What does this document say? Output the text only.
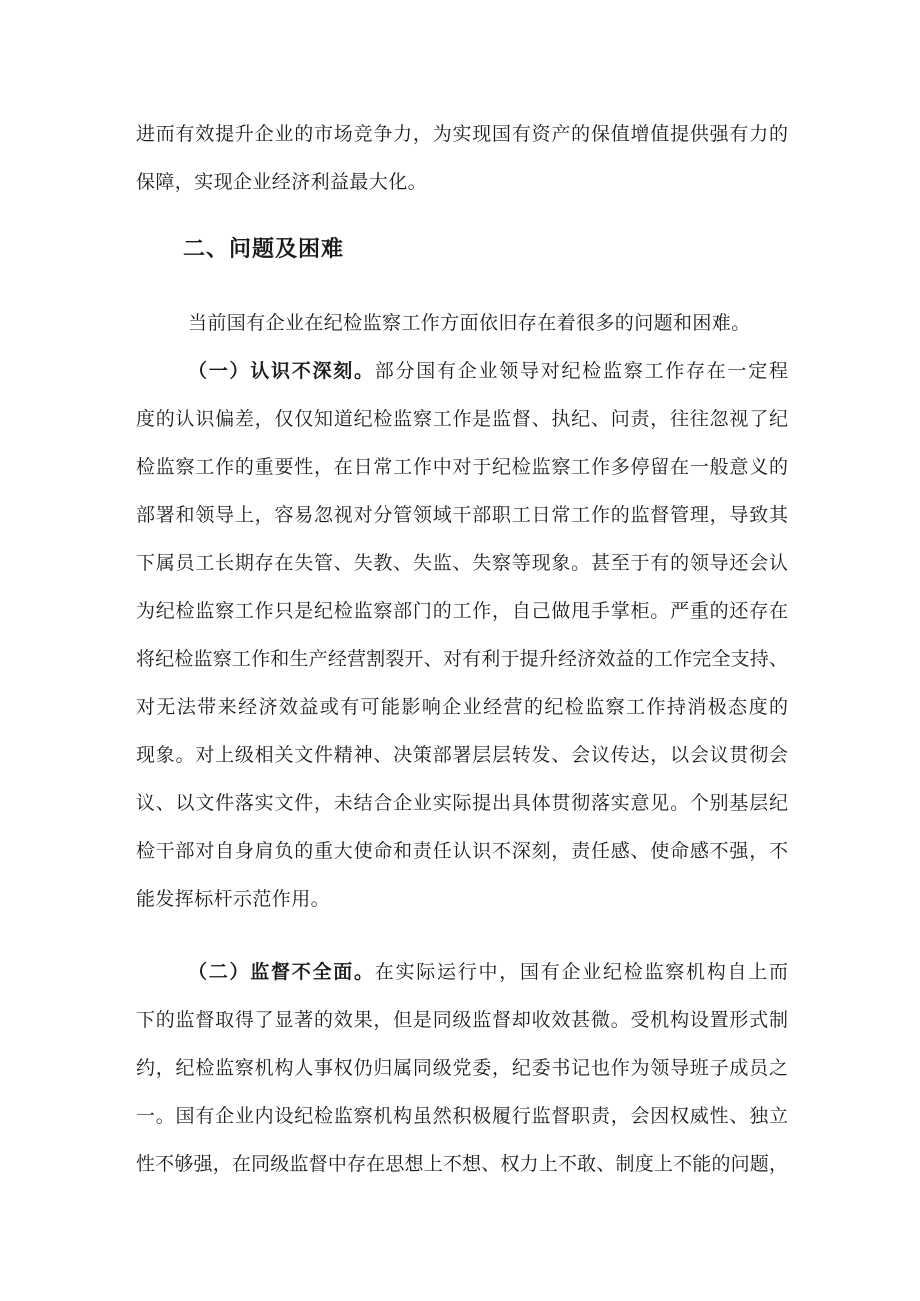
进而有效提升企业的市场竞争力，为实现国有资产的保值增值提供强有力的
保障，实现企业经济利益最大化。
二、问题及困难
当前国有企业在纪检监察工作方面依旧存在着很多的问题和困难。
（一）认识不深刻。部分国有企业领导对纪检监察工作存在一定程
度的认识偏差，仅仅知道纪检监察工作是监督、执纪、问责，往往忽视了纪
检监察工作的重要性，在日常工作中对于纪检监察工作多停留在一般意义的
部署和领导上，容易忽视对分管领域干部职工日常工作的监督管理，导致其
下属员工长期存在失管、失教、失监、失察等现象。甚至于有的领导还会认
为纪检监察工作只是纪检监察部门的工作，自己做甩手掌柜。严重的还存在
将纪检监察工作和生产经营割裂开、对有利于提升经济效益的工作完全支持、
对无法带来经济效益或有可能影响企业经营的纪检监察工作持消极态度的
现象。对上级相关文件精神、决策部署层层转发、会议传达，以会议贯彻会
议、以文件落实文件，未结合企业实际提出具体贯彻落实意见。个别基层纪
检干部对自身肩负的重大使命和责任认识不深刻，责任感、使命感不强，不
能发挥标杆示范作用。
（二）监督不全面。在实际运行中，国有企业纪检监察机构自上而
下的监督取得了显著的效果，但是同级监督却收效甚微。受机构设置形式制
约，纪检监察机构人事权仍归属同级党委，纪委书记也作为领导班子成员之
一。国有企业内设纪检监察机构虽然积极履行监督职责，会因权威性、独立
性不够强，在同级监督中存在思想上不想、权力上不敢、制度上不能的问题，
